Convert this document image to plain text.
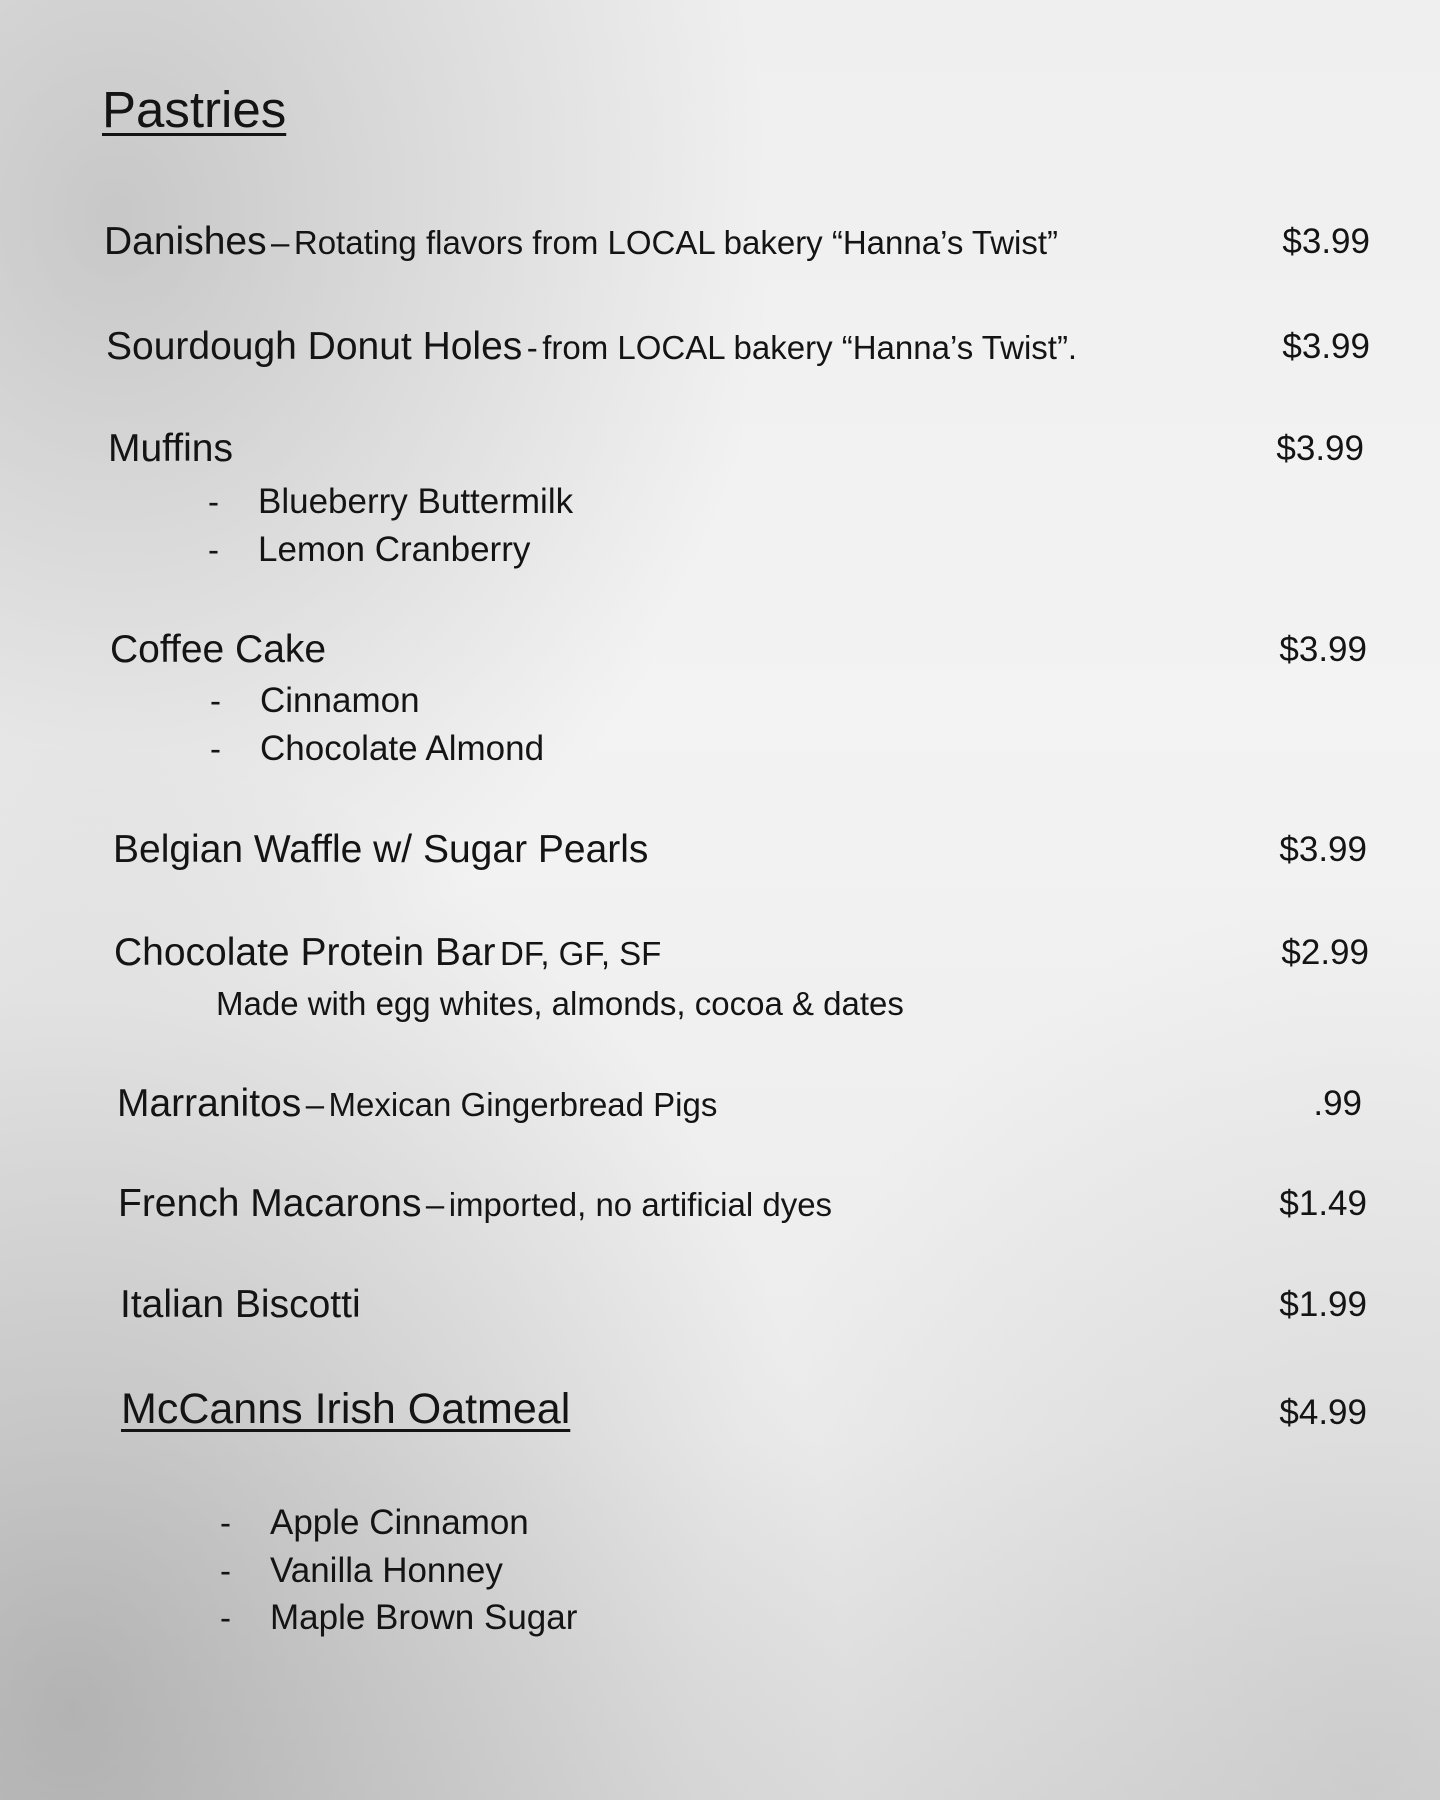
Pastries
Danishes – Rotating flavors from LOCAL bakery “Hanna’s Twist”	$3.99
Sourdough Donut Holes - from LOCAL bakery “Hanna’s Twist”.	$3.99
Muffins	$3.99
- Blueberry Buttermilk
- Lemon Cranberry
Coffee Cake	$3.99
- Cinnamon
- Chocolate Almond
Belgian Waffle w/ Sugar Pearls	$3.99
Chocolate Protein Bar DF, GF, SF	$2.99
Made with egg whites, almonds, cocoa & dates
Marranitos – Mexican Gingerbread Pigs	.99
French Macarons – imported, no artificial dyes	$1.49
Italian Biscotti	$1.99
McCanns Irish Oatmeal	$4.99
- Apple Cinnamon
- Vanilla Honney
- Maple Brown Sugar
